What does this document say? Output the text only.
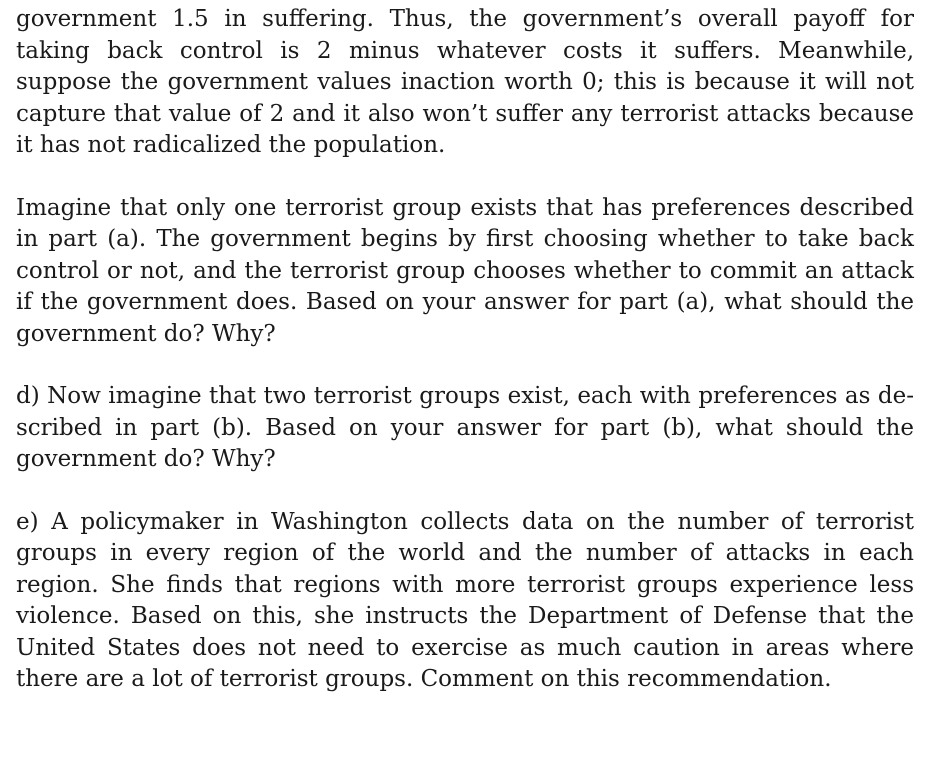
government 1.5 in suffering. Thus, the government’s overall payoff for taking back control is 2 minus whatever costs it suffers. Meanwhile, suppose the government values inaction worth 0; this is because it will not capture that value of 2 and it also won’t suffer any terrorist attacks because it has not radicalized the population.

Imagine that only one terrorist group exists that has preferences described in part (a). The government begins by first choosing whether to take back control or not, and the terrorist group chooses whether to commit an attack if the government does. Based on your answer for part (a), what should the government do? Why?

d) Now imagine that two terrorist groups exist, each with preferences as described in part (b). Based on your answer for part (b), what should the government do? Why?

e) A policymaker in Washington collects data on the number of terrorist groups in every region of the world and the number of attacks in each region. She finds that regions with more terrorist groups experience less violence. Based on this, she instructs the Department of Defense that the United States does not need to exercise as much caution in areas where there are a lot of terrorist groups. Comment on this recommendation.
